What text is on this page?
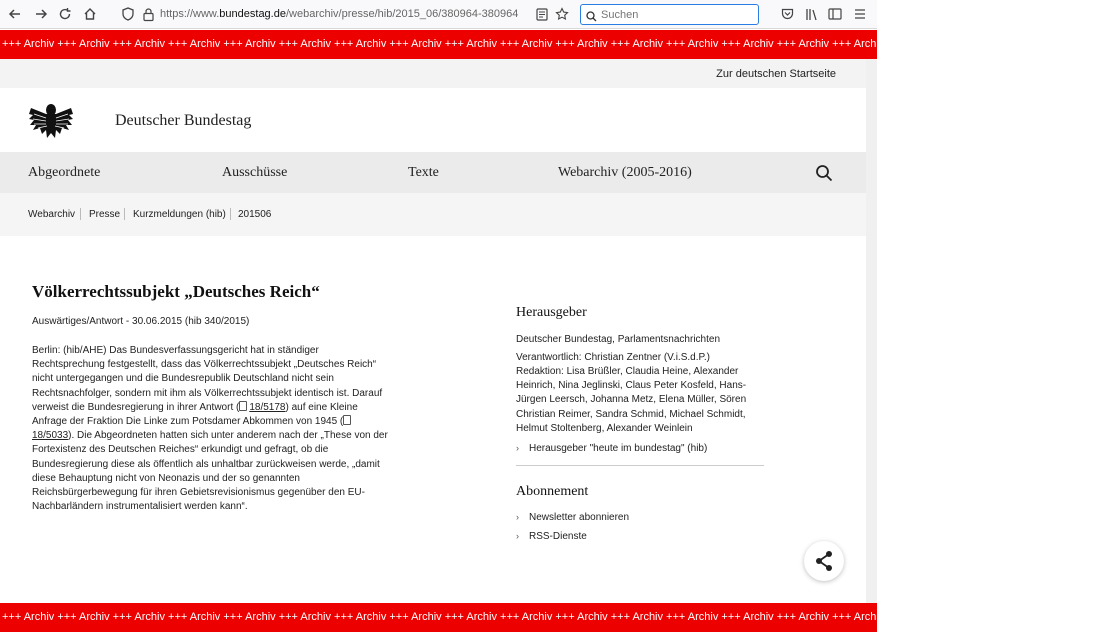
https://www.bundestag.de/webarchiv/presse/hib/2015_06/380964-380964
Suchen
+++ Archiv +++ Archiv +++ Archiv +++ Archiv +++ Archiv +++ Archiv +++ Archiv +++ Archiv +++ Archiv +++ Archiv +++ Archiv +++ Archiv +++ Archiv +++ Archiv +++ Archiv +++ Archiv +++ Archiv +++ Archiv +++ Archiv +++ Archiv
Zur deutschen Startseite
Deutscher Bundestag
Abgeordnete	Ausschüsse	Texte	Webarchiv (2005-2016)
Webarchiv Presse Kurzmeldungen (hib) 201506
Völkerrechtssubjekt „Deutsches Reich“
Auswärtiges/Antwort - 30.06.2015 (hib 340/2015)
Berlin: (hib/AHE) Das Bundesverfassungsgericht hat in ständiger Rechtsprechung festgestellt, dass das Völkerrechtssubjekt „Deutsches Reich“ nicht untergegangen und die Bundesrepublik Deutschland nicht sein Rechtsnachfolger, sondern mit ihm als Völkerrechtssubjekt identisch ist. Darauf verweist die Bundesregierung in ihrer Antwort ( 18/5178) auf eine Kleine Anfrage der Fraktion Die Linke zum Potsdamer Abkommen von 1945 (18/5033). Die Abgeordneten hatten sich unter anderem nach der „These von der Fortexistenz des Deutschen Reiches“ erkundigt und gefragt, ob die Bundesregierung diese als öffentlich als unhaltbar zurückweisen werde, „damit diese Behauptung nicht von Neonazis und der so genannten Reichsbürgerbewegung für ihren Gebietsrevisionismus gegenüber den EU-Nachbarländern instrumentalisiert werden kann“.
Herausgeber
Deutscher Bundestag, Parlamentsnachrichten
Verantwortlich: Christian Zentner (V.i.S.d.P.)
Redaktion: Lisa Brüßler, Claudia Heine, Alexander Heinrich, Nina Jeglinski, Claus Peter Kosfeld, Hans-Jürgen Leersch, Johanna Metz, Elena Müller, Sören Christian Reimer, Sandra Schmid, Michael Schmidt, Helmut Stoltenberg, Alexander Weinlein
› Herausgeber "heute im bundestag" (hib)
Abonnement
› Newsletter abonnieren
› RSS-Dienste
+++ Archiv +++ Archiv +++ Archiv +++ Archiv +++ Archiv +++ Archiv +++ Archiv +++ Archiv +++ Archiv +++ Archiv +++ Archiv +++ Archiv +++ Archiv +++ Archiv +++ Archiv +++ Archiv +++ Archiv +++ Archiv +++ Archiv +++ Archiv
